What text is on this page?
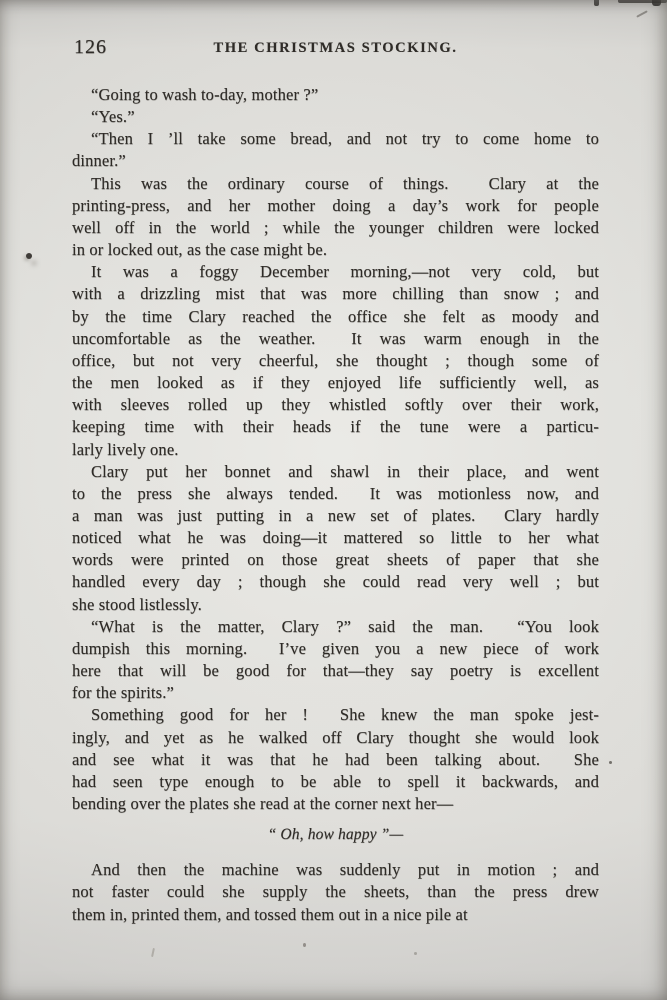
126	THE CHRISTMAS STOCKING.
“Going to wash to-day, mother ?”
“Yes.”
“Then I ’ll take some bread, and not try to come home to
dinner.”
This was the ordinary course of things.  Clary at the
printing-press, and her mother doing a day’s work for people
well off in the world ; while the younger children were locked
in or locked out, as the case might be.
It was a foggy December morning,—not very cold, but
with a drizzling mist that was more chilling than snow ; and
by the time Clary reached the office she felt as moody and
uncomfortable as the weather.  It was warm enough in the
office, but not very cheerful, she thought ; though some of
the men looked as if they enjoyed life sufficiently well, as
with sleeves rolled up they whistled softly over their work,
keeping time with their heads if the tune were a particu-
larly lively one.
Clary put her bonnet and shawl in their place, and went
to the press she always tended.  It was motionless now, and
a man was just putting in a new set of plates.  Clary hardly
noticed what he was doing—it mattered so little to her what
words were printed on those great sheets of paper that she
handled every day ; though she could read very well ; but
she stood listlessly.
“What is the matter, Clary ?” said the man.  “You look
dumpish this morning.  I’ve given you a new piece of work
here that will be good for that—they say poetry is excellent
for the spirits.”
Something good for her !  She knew the man spoke jest-
ingly, and yet as he walked off Clary thought she would look
and see what it was that he had been talking about.  She
had seen type enough to be able to spell it backwards, and
bending over the plates she read at the corner next her—
“ Oh, how happy ”—
And then the machine was suddenly put in motion ; and
not faster could she supply the sheets, than the press drew
them in, printed them, and tossed them out in a nice pile at
